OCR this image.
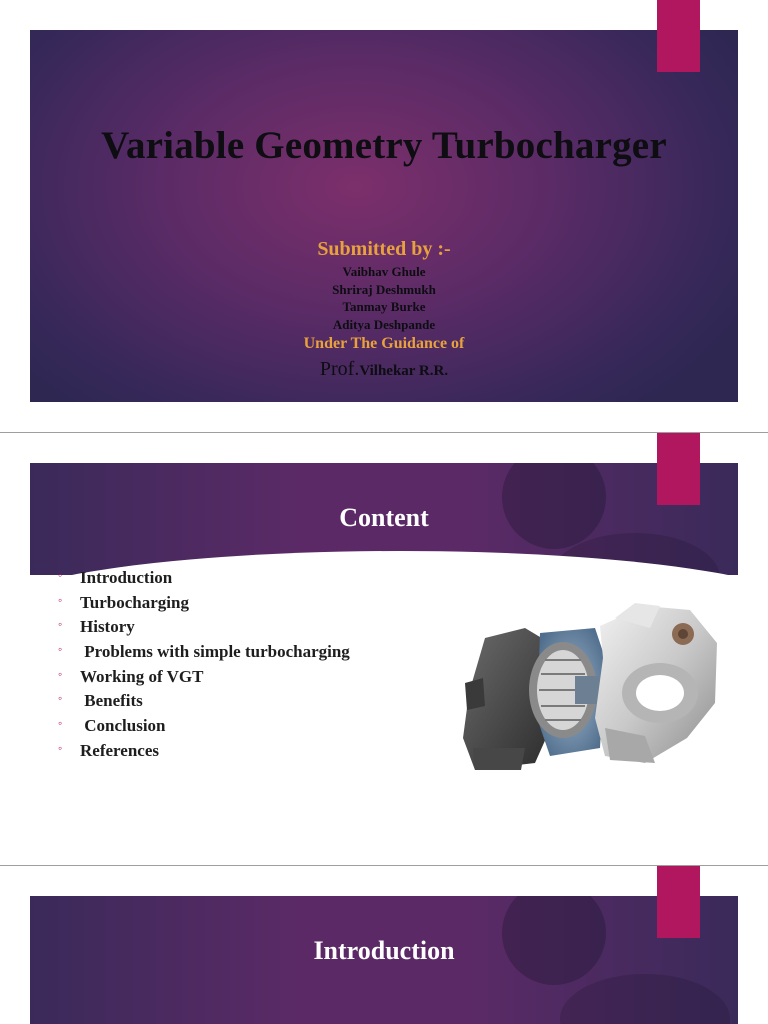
Variable Geometry Turbocharger
Submitted by :-
Vaibhav Ghule
Shriraj Deshmukh
Tanmay Burke
Aditya Deshpande
Under The Guidance of
Prof.Vilhekar R.R.
Content
◦ Introduction
◦ Turbocharging
◦ History
◦ Problems with simple turbocharging
◦ Working of VGT
◦ Benefits
◦ Conclusion
◦ References
Introduction
